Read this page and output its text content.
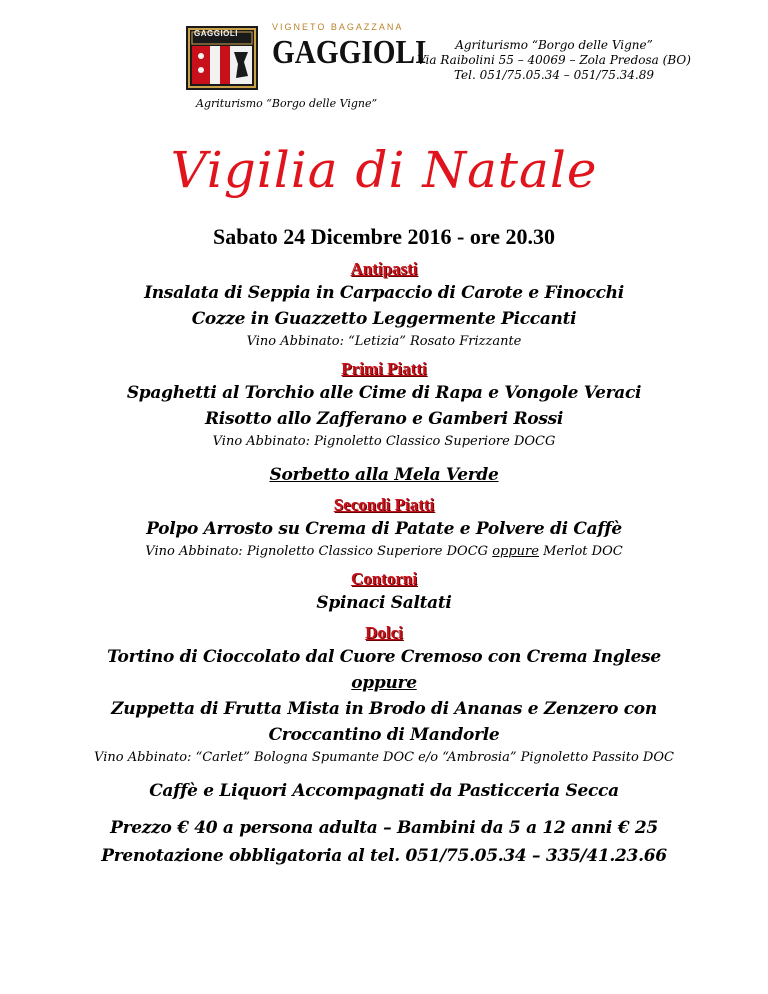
GAGGIOLI
VIGNETO BAGAZZANA
GAGGIOLI
Agriturismo “Borgo delle Vigne”
Agriturismo “Borgo delle Vigne”
Via Raibolini 55 – 40069 – Zola Predosa (BO)
Tel. 051/75.05.34 – 051/75.34.89
Vigilia di Natale
Sabato 24 Dicembre 2016 - ore 20.30
Antipasti
Insalata di Seppia in Carpaccio di Carote e Finocchi
Cozze in Guazzetto Leggermente Piccanti
Vino Abbinato: “Letizia” Rosato Frizzante
Primi Piatti
Spaghetti al Torchio alle Cime di Rapa e Vongole Veraci
Risotto allo Zafferano e Gamberi Rossi
Vino Abbinato: Pignoletto Classico Superiore DOCG
Sorbetto alla Mela Verde
Secondi Piatti
Polpo Arrosto su Crema di Patate e Polvere di Caffè
Vino Abbinato: Pignoletto Classico Superiore DOCG oppure Merlot DOC
Contorni
Spinaci Saltati
Dolci
Tortino di Cioccolato dal Cuore Cremoso con Crema Inglese
oppure
Zuppetta di Frutta Mista in Brodo di Ananas e Zenzero con
Croccantino di Mandorle
Vino Abbinato: “Carlet” Bologna Spumante DOC e/o “Ambrosia” Pignoletto Passito DOC
Caffè e Liquori Accompagnati da Pasticceria Secca
Prezzo € 40 a persona adulta – Bambini da 5 a 12 anni € 25
Prenotazione obbligatoria al tel. 051/75.05.34 – 335/41.23.66
